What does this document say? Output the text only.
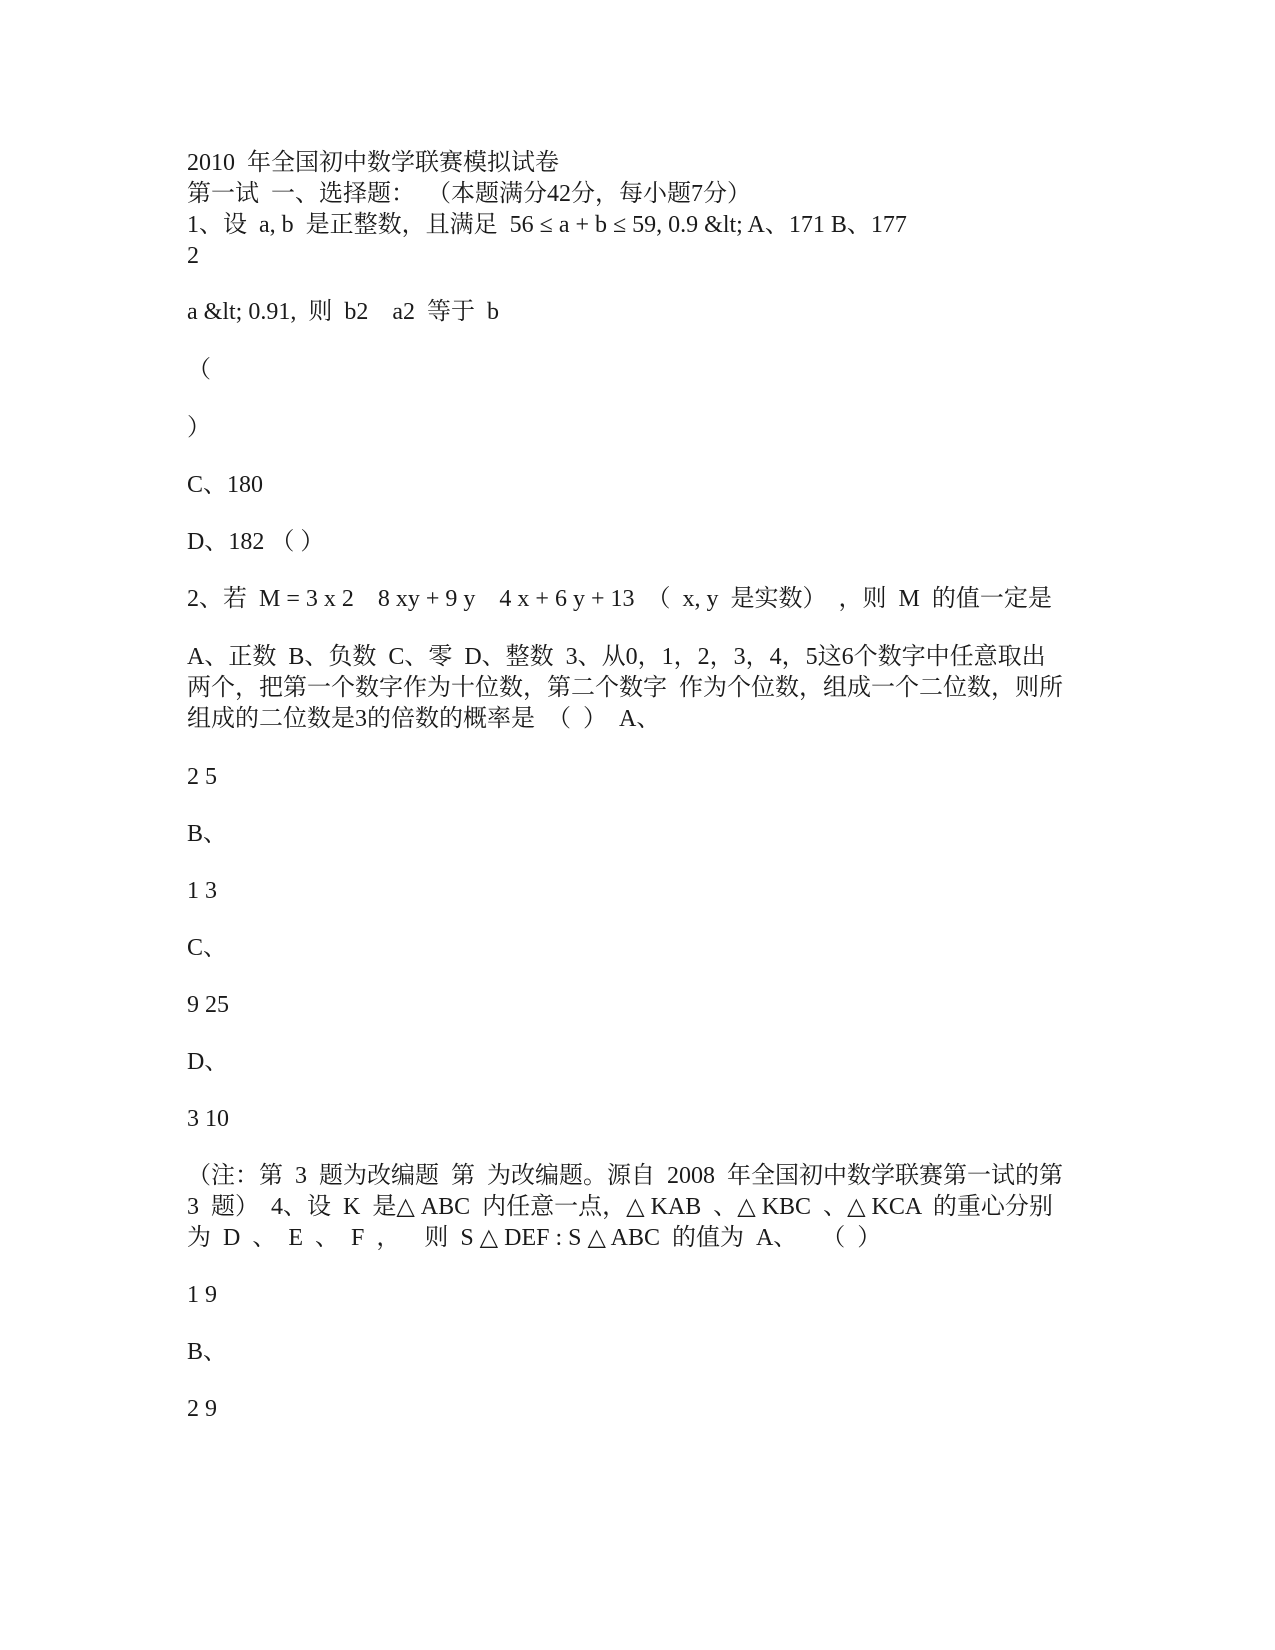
2010  年全国初中数学联赛模拟试卷

第一试  一、选择题：  （本题满分42分，每小题7分）

1、设  a, b  是正整数，且满足  56 ≤ a + b ≤ 59, 0.9 &lt; A、171 B、177

2

a &lt; 0.91,  则  b2    a2  等于  b

（

）

C、180

D、182 （ ）

2、若  M = 3 x 2    8 xy + 9 y    4 x + 6 y + 13  （  x, y  是实数）  ，则  M  的值一定是

A、正数  B、负数  C、零  D、整数  3、从0，1，2，3，4，5这6个数字中任意取出

两个，把第一个数字作为十位数，第二个数字  作为个位数，组成一个二位数，则所

组成的二位数是3的倍数的概率是  （  ）  A、

2 5

B、

1 3

C、

9 25

D、

3 10

（注：第  3  题为改编题  第  为改编题。源自  2008  年全国初中数学联赛第一试的第

3  题）  4、设  K  是△ ABC  内任意一点，△ KAB  、△ KBC  、△ KCA  的重心分别

为  D  、  E  、  F  ，    则  S △ DEF : S △ ABC  的值为  A、    （  ）

1 9

B、

2 9
